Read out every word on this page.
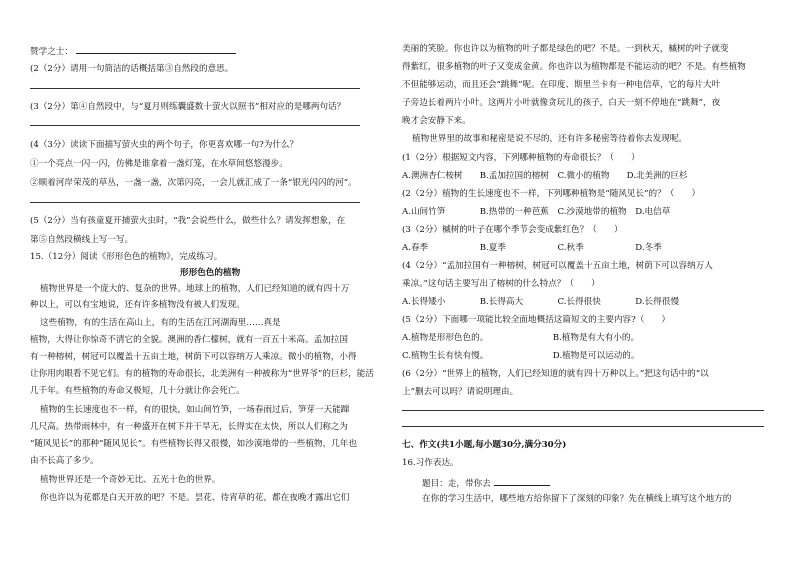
赞学之士：
(2（2分）请用一句简洁的话概括第③自然段的意思。
(3（2分）第④自然段中，与“夏月则练囊盛数十萤火以照书”相对应的是哪两句话？
(4（3分）读读下面描写萤火虫的两个句子，你更喜欢哪一句?为什么？
①一个亮点一闪一闪，仿佛是谁拿着一盏灯笼，在水草间悠悠漫步。
②顺着河岸荣茂的草丛，一盏一盏，次第闪亮，一会儿就汇成了一条“银光闪闪的河”。
(5（2分）当有孩童夏开捕萤火虫时，“我”会说些什么，做些什么？请发挥想象，在
第⑤自然段横线上写一写。
15.（12分）阅读《形形色色的植物》，完成练习。
形形色色的植物
植物世界是一个庞大的、复杂的世界。地球上的植物，人们已经知道的就有四十万
种以上，可以有宝地说，还有许多植物没有被人们发现。
这些植物，有的生活在高山上，有的生活在江河湖海里……真是
植物，大得让你惊奇不清它的全貌。澳洲的香仁檬树，就有一百五十米高。孟加拉国
有一种榕树，树冠可以覆盖十五亩土地，树荫下可以容纳万人乘凉。微小的植物，小得
让你用肉眼看不见它们。有的植物的寿命很长，北美洲有一种被称为“世界爷”的巨杉，能活
几千年。有些植物的寿命又极短，几十分就让你会死亡。
植物的生长速度也不一样，有的很快，如山间竹笋，一场春雨过后，笋芽一天能蹿
几尺高。热带雨林中，有一种盛开在树下并干旱无，长得实在太快，所以人们称之为
“随风见长”的那种“随风见长”。有些植物长得又很慢，如沙漠地带的一些植物，几年也
由不长高了多少。
植物世界还是一个奇妙无比、五光十色的世界。
你也许以为花都是白天开放的吧？不是。昙花、待宵草的花，都在夜晚才露出它们
美丽的笑脸。你也许以为植物的叶子都是绿色的吧？不是。一到秋天，槭树的叶子就变
得紫红，很多植物的叶子又变成金黄。你也许以为植物都是不能运动的吧？不是。有些植物
不但能够运动，而且还会“跳舞”呢。在印度、斯里兰卡有一种电信草，它的每片大叶
子旁边长着两片小叶。这两片小叶就像贪玩儿的孩子，白天一刻不停地在“跳舞”，夜
晚才会安静下来。
植物世界里的故事和秘密是说不尽的，还有许多秘密等待着你去发现呢。
(1（2分）根据短文内容，下列哪种植物的寿命很长？（　　）
A.澳洲杏仁桉树　　B.孟加拉国的榕树　C.微小的植物　　D.北美洲的巨杉
(2（2分）植物的生长速度也不一样，下列哪种植物是“随风见长”的？（　　）
A.山间竹笋　　　　B.热带的一种芭蕉　C.沙漠地带的植物　D.电信草
(3（2分）槭树的叶子在哪个季节会变成紫红色？（　　）
A.春季　　　　　　B.夏季　　　　　　C.秋季　　　　　　D.冬季
(4（2分）“孟加拉国有一种榕树，树冠可以覆盖十五亩土地，树荫下可以容纳万人
乘凉。”这句话主要写出了榕树的什么特点？（　　）
A.长得矮小　　　　B.长得高大　　　　C.长得很快　　　　D.长得很慢
(5（2分）下面哪一项能比较全面地概括这篇短文的主要内容?（　　）
A.植物是形形色色的。　　　　　　　　B.植物是有大有小的。
C.植物生长有快有慢。　　　　　　　　D.植物是可以运动的。
(6（2分）“世界上的植物，人们已经知道的就有四十万种以上。”把这句话中的“以
上”删去可以吗？请说明理由。
七、作文(共1小题,每小题30分,满分30分)
16.习作表达。
题目：走，带你去
在你的学习生活中，哪些地方给你留下了深刻的印象？先在横线上填写这个地方的
